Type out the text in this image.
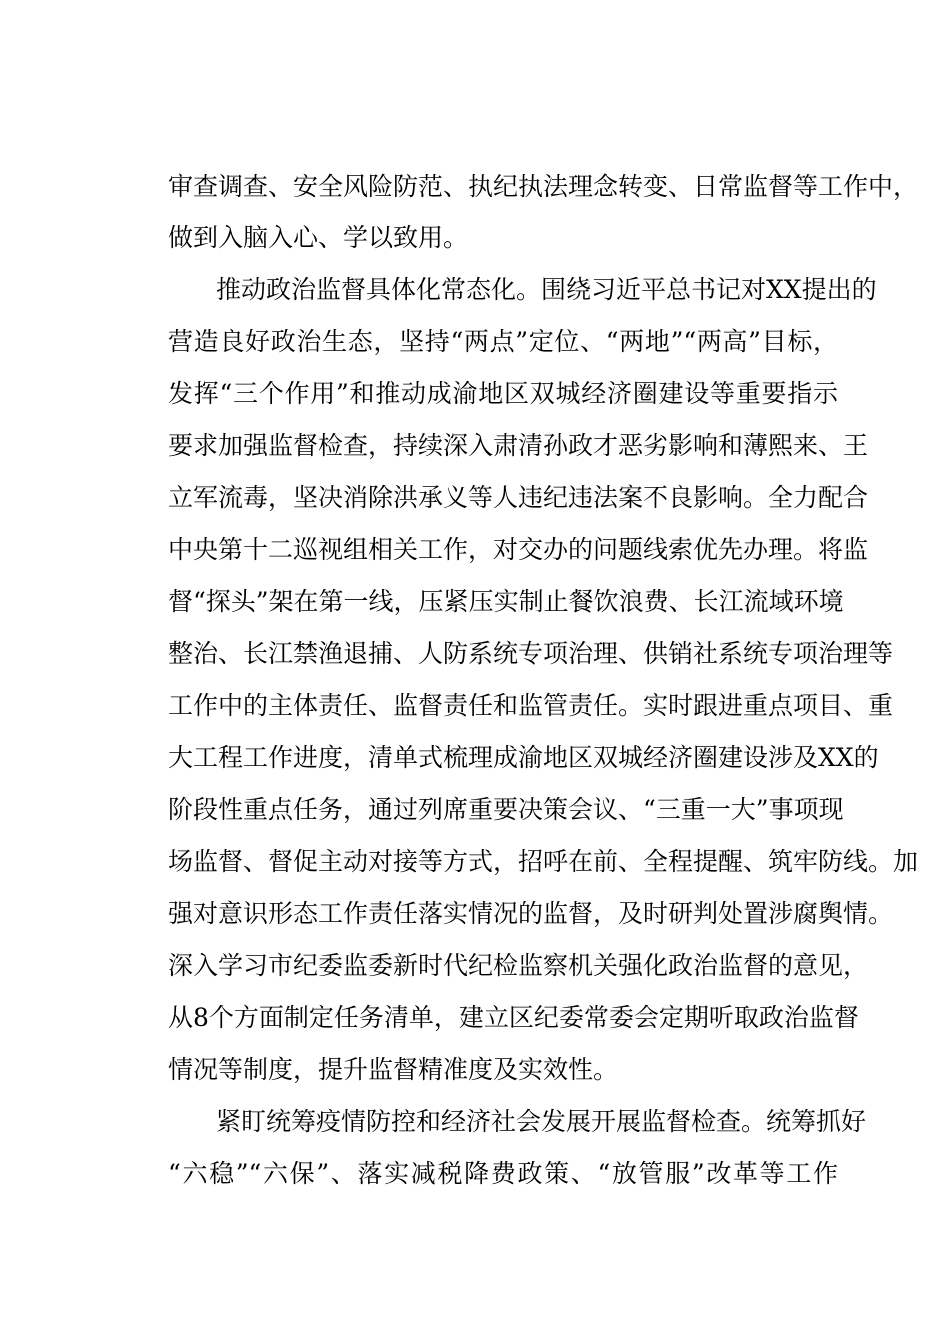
审查调查、安全风险防范、执纪执法理念转变、日常监督等工作中，
做到入脑入心、学以致用。
推动政治监督具体化常态化。围绕习近平总书记对XX提出的
营造良好政治生态，坚持“两点”定位、“两地”“两高”目标，
发挥“三个作用”和推动成渝地区双城经济圈建设等重要指示
要求加强监督检查，持续深入肃清孙政才恶劣影响和薄熙来、王
立军流毒，坚决消除洪承义等人违纪违法案不良影响。全力配合
中央第十二巡视组相关工作，对交办的问题线索优先办理。将监
督“探头”架在第一线，压紧压实制止餐饮浪费、长江流域环境
整治、长江禁渔退捕、人防系统专项治理、供销社系统专项治理等
工作中的主体责任、监督责任和监管责任。实时跟进重点项目、重
大工程工作进度，清单式梳理成渝地区双城经济圈建设涉及XX的
阶段性重点任务，通过列席重要决策会议、“三重一大”事项现
场监督、督促主动对接等方式，招呼在前、全程提醒、筑牢防线。加
强对意识形态工作责任落实情况的监督，及时研判处置涉腐舆情。
深入学习市纪委监委新时代纪检监察机关强化政治监督的意见，
从8个方面制定任务清单，建立区纪委常委会定期听取政治监督
情况等制度，提升监督精准度及实效性。
紧盯统筹疫情防控和经济社会发展开展监督检查。统筹抓好
“六稳”“六保”、落实减税降费政策、“放管服”改革等工作
